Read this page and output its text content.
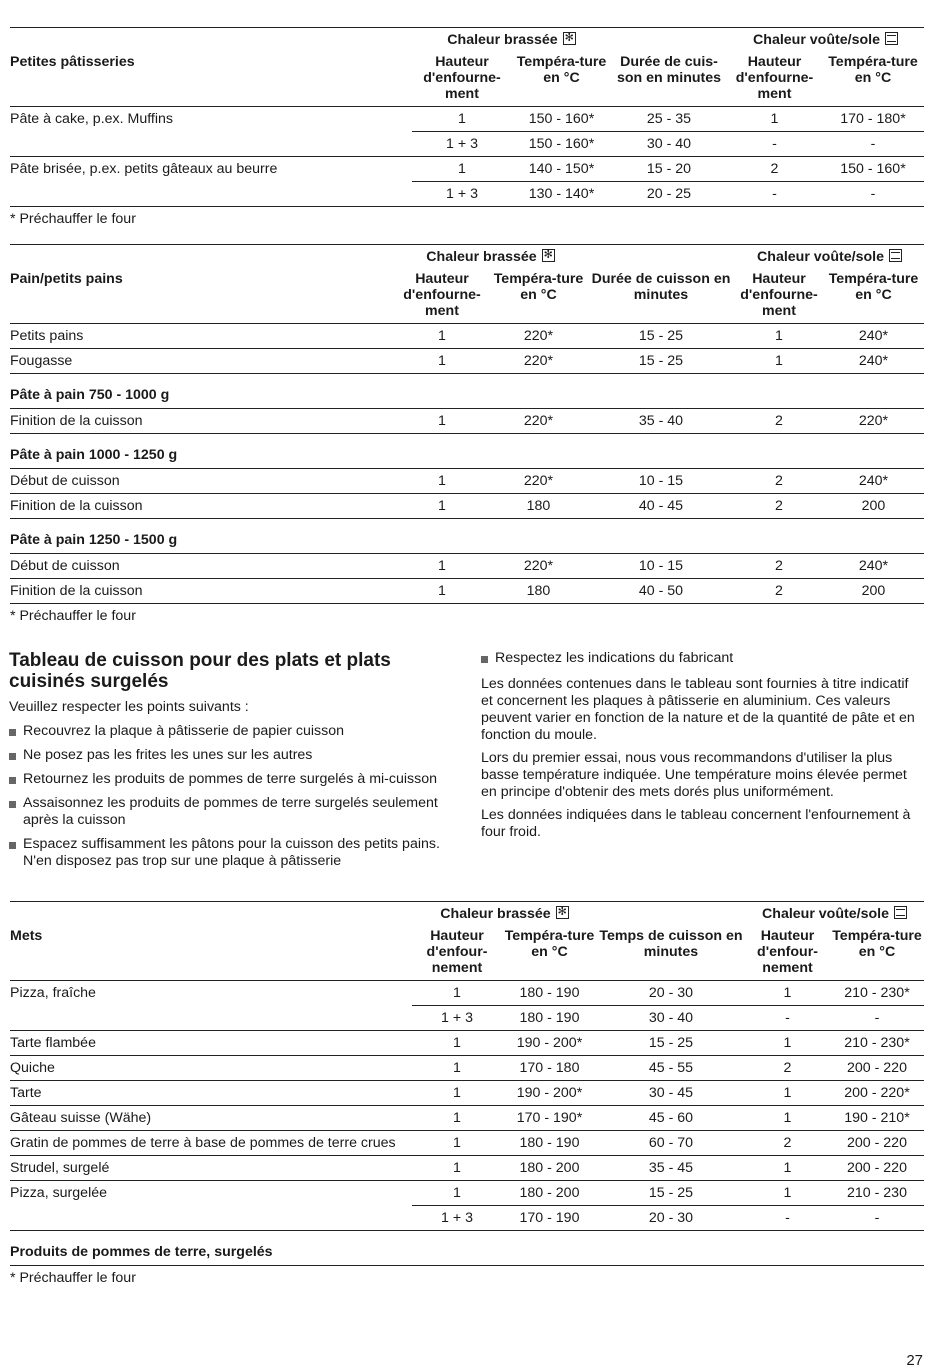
	Chaleur brassée✻			Chaleur voûte/sole	
Petites pâtisseries	Hauteur d'enfourne-ment	Tempéra-ture en °C	Durée de cuis-son en minutes	Hauteur d'enfourne-ment	Tempéra-ture en °C
Pâte à cake, p.ex. Muffins	1	150 - 160*	25 - 35	1	170 - 180*
	1 + 3	150 - 160*	30 - 40	-	-
Pâte brisée, p.ex. petits gâteaux au beurre	1	140 - 150*	15 - 20	2	150 - 160*
	1 + 3	130 - 140*	20 - 25	-	-
* Préchauffer le four
	Chaleur brassée✻			Chaleur voûte/sole	
Pain/petits pains	Hauteur d'enfourne-ment	Tempéra-ture en °C	Durée de cuisson en minutes	Hauteur d'enfourne-ment	Tempéra-ture en °C
Petits pains	1	220*	15 - 25	1	240*
Fougasse	1	220*	15 - 25	1	240*
Pâte à pain 750 - 1000 g					
Finition de la cuisson	1	220*	35 - 40	2	220*
Pâte à pain 1000 - 1250 g					
Début de cuisson	1	220*	10 - 15	2	240*
Finition de la cuisson	1	180	40 - 45	2	200
Pâte à pain 1250 - 1500 g					
Début de cuisson	1	220*	10 - 15	2	240*
Finition de la cuisson	1	180	40 - 50	2	200
* Préchauffer le four
Tableau de cuisson pour des plats et plats cuisinés surgelés

Veuillez respecter les points suivants :

Recouvrez la plaque à pâtisserie de papier cuisson
Ne posez pas les frites les unes sur les autres
Retournez les produits de pommes de terre surgelés à mi-cuisson
Assaisonnez les produits de pommes de terre surgelés seulement après la cuisson
Espacez suffisamment les pâtons pour la cuisson des petits pains. N'en disposez pas trop sur une plaque à pâtisserie
Respectez les indications du fabricant

Les données contenues dans le tableau sont fournies à titre indicatif et concernent les plaques à pâtisserie en aluminium. Ces valeurs peuvent varier en fonction de la nature et de la quantité de pâte et en fonction du moule.

Lors du premier essai, nous vous recommandons d'utiliser la plus basse température indiquée. Une température moins élevée permet en principe d'obtenir des mets dorés plus uniformément.

Les données indiquées dans le tableau concernent l'enfournement à four froid.

	Chaleur brassée✻			Chaleur voûte/sole	
Mets	Hauteur d'enfour-nement	Tempéra-ture en °C	Temps de cuisson en minutes	Hauteur d'enfour-nement	Tempéra-ture en °C
Pizza, fraîche	1	180 - 190	20 - 30	1	210 - 230*
	1 + 3	180 - 190	30 - 40	-	-
Tarte flambée	1	190 - 200*	15 - 25	1	210 - 230*
Quiche	1	170 - 180	45 - 55	2	200 - 220
Tarte	1	190 - 200*	30 - 45	1	200 - 220*
Gâteau suisse (Wähe)	1	170 - 190*	45 - 60	1	190 - 210*
Gratin de pommes de terre à base de pommes de terre crues	1	180 - 190	60 - 70	2	200 - 220
Strudel, surgelé	1	180 - 200	35 - 45	1	200 - 220
Pizza, surgelée	1	180 - 200	15 - 25	1	210 - 230
	1 + 3	170 - 190	20 - 30	-	-
Produits de pommes de terre, surgelés					
* Préchauffer le four
27
